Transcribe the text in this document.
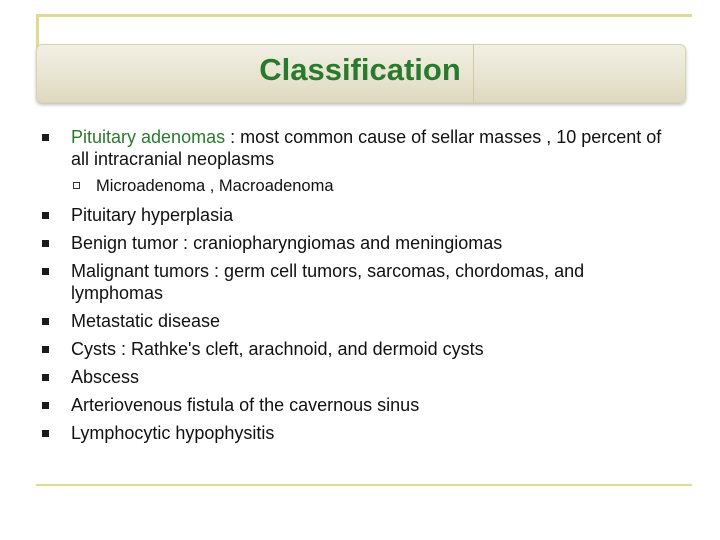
Classification
Pituitary adenomas : most common cause of sellar masses , 10 percent of all intracranial neoplasms
Microadenoma , Macroadenoma
Pituitary hyperplasia
Benign tumor : craniopharyngiomas and meningiomas
Malignant tumors : germ cell tumors, sarcomas, chordomas, and lymphomas
Metastatic disease
Cysts : Rathke's cleft, arachnoid, and dermoid cysts
Abscess
Arteriovenous fistula of the cavernous sinus
Lymphocytic hypophysitis
